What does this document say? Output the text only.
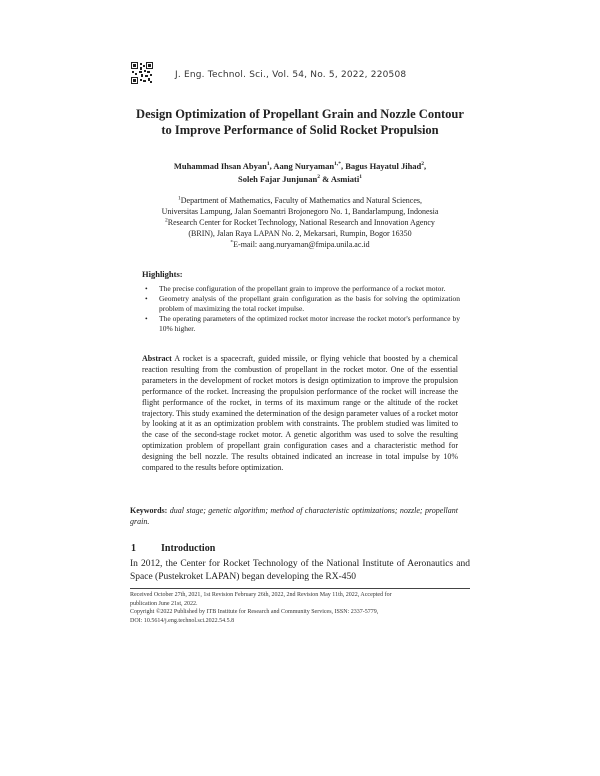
J. Eng. Technol. Sci., Vol. 54, No. 5, 2022, 220508
Design Optimization of Propellant Grain and Nozzle Contour to Improve Performance of Solid Rocket Propulsion
Muhammad Ihsan Abyan$^1$, Aang Nuryaman$^{1,*}$, Bagus Hayatul Jihad$^2$,
Soleh Fajar Junjunan$^2$ & Asmiati$^1$
$^1$Department of Mathematics, Faculty of Mathematics and Natural Sciences,
Universitas Lampung, Jalan Soemantri Brojonegoro No. 1, Bandarlampung, Indonesia
$^2$Research Center for Rocket Technology, National Research and Innovation Agency
(BRIN), Jalan Raya LAPAN No. 2, Mekarsari, Rumpin, Bogor 16350
*E-mail: aang.nuryaman@fmipa.unila.ac.id
Highlights:
• The precise configuration of the propellant grain to improve the performance of a rocket motor.
• Geometry analysis of the propellant grain configuration as the basis for solving the optimization problem of maximizing the total rocket impulse.
• The operating parameters of the optimized rocket motor increase the rocket motor's performance by 10% higher.
Abstract A rocket is a spacecraft, guided missile, or flying vehicle that boosted by a chemical reaction resulting from the combustion of propellant in the rocket motor. One of the essential parameters in the development of rocket motors is design optimization to improve the propulsion performance of the rocket. Increasing the propulsion performance of the rocket will increase the flight performance of the rocket, in terms of its maximum range or the altitude of the rocket trajectory. This study examined the determination of the design parameter values of a rocket motor by looking at it as an optimization problem with constraints. The problem studied was limited to the case of the second-stage rocket motor. A genetic algorithm was used to solve the resulting optimization problem of propellant grain configuration cases and a characteristic method for designing the bell nozzle. The results obtained indicated an increase in total impulse by 10% compared to the results before optimization.
Keywords: dual stage; genetic algorithm; method of characteristic optimizations; nozzle; propellant grain.
1	Introduction
In 2012, the Center for Rocket Technology of the National Institute of Aeronautics and Space (Pustekroket LAPAN) began developing the RX-450
Received October 27th, 2021, 1st Revision February 26th, 2022, 2nd Revision May 11th, 2022, Accepted for
publication June 21st, 2022.
Copyright ©2022 Published by ITB Institute for Research and Community Services, ISSN: 2337-5779,
DOI: 10.5614/j.eng.technol.sci.2022.54.5.8
